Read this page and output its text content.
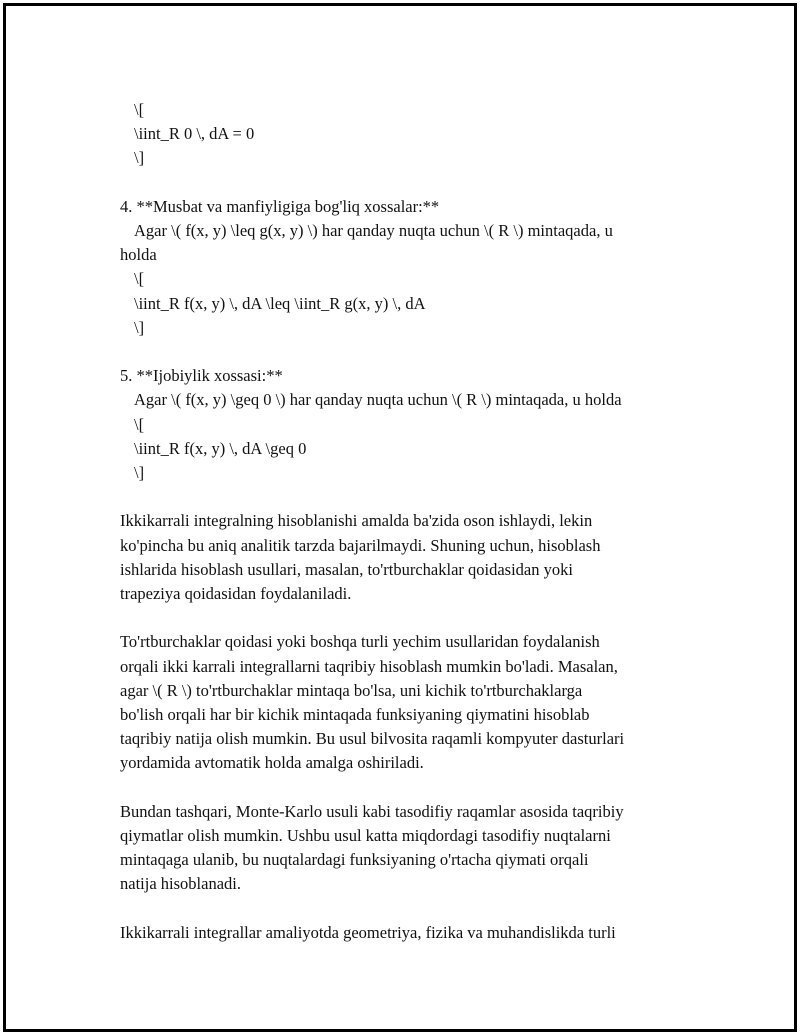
\[
\iint_R 0 \, dA = 0
\]
4. **Musbat va manfiyligiga bog'liq xossalar:**
Agar \( f(x, y) \leq g(x, y) \) har qanday nuqta uchun \( R \) mintaqada, u
holda
\[
\iint_R f(x, y) \, dA \leq \iint_R g(x, y) \, dA
\]
5. **Ijobiylik xossasi:**
Agar \( f(x, y) \geq 0 \) har qanday nuqta uchun \( R \) mintaqada, u holda
\[
\iint_R f(x, y) \, dA \geq 0
\]
Ikkikarrali integralning hisoblanishi amalda ba'zida oson ishlaydi, lekin
ko'pincha bu aniq analitik tarzda bajarilmaydi. Shuning uchun, hisoblash
ishlarida hisoblash usullari, masalan, to'rtburchaklar qoidasidan yoki
trapeziya qoidasidan foydalaniladi.
To'rtburchaklar qoidasi yoki boshqa turli yechim usullaridan foydalanish
orqali ikki karrali integrallarni taqribiy hisoblash mumkin bo'ladi. Masalan,
agar \( R \) to'rtburchaklar mintaqa bo'lsa, uni kichik to'rtburchaklarga
bo'lish orqali har bir kichik mintaqada funksiyaning qiymatini hisoblab
taqribiy natija olish mumkin. Bu usul bilvosita raqamli kompyuter dasturlari
yordamida avtomatik holda amalga oshiriladi.
Bundan tashqari, Monte-Karlo usuli kabi tasodifiy raqamlar asosida taqribiy
qiymatlar olish mumkin. Ushbu usul katta miqdordagi tasodifiy nuqtalarni
mintaqaga ulanib, bu nuqtalardagi funksiyaning o'rtacha qiymati orqali
natija hisoblanadi.
Ikkikarrali integrallar amaliyotda geometriya, fizika va muhandislikda turli
